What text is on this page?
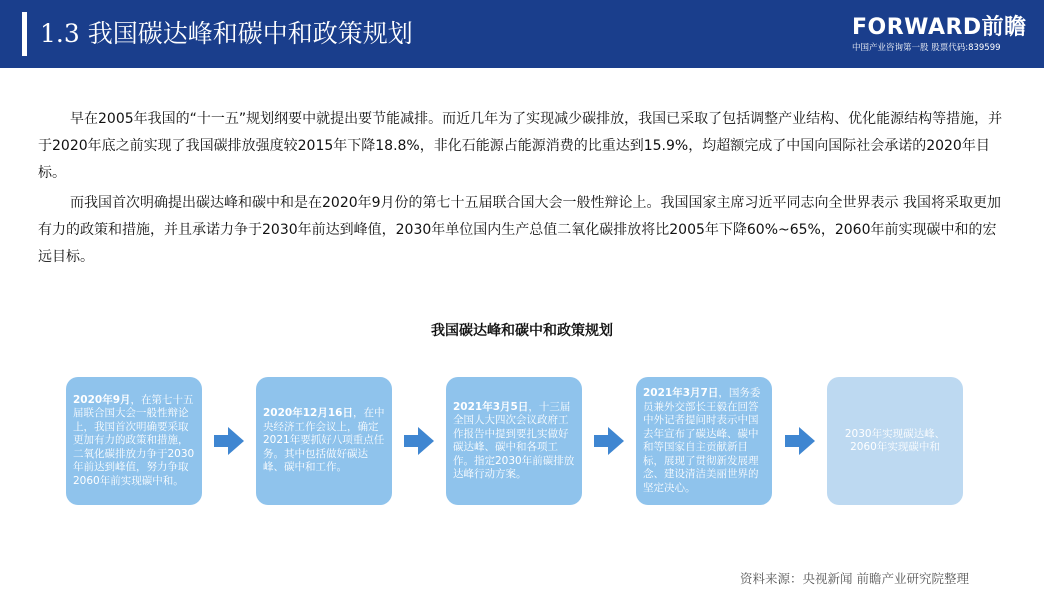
1.3 我国碳达峰和碳中和政策规划	FORWARD前瞻
中国产业咨询第一股 股票代码:839599

早在2005年我国的“十一五”规划纲要中就提出要节能减排。而近几年为了实现减少碳排放，我国已采取了包括调整产业结构、优化能源结构等措施，并于2020年底之前实现了我国碳排放强度较2015年下降18.8%，非化石能源占能源消费的比重达到15.9%，均超额完成了中国向国际社会承诺的2020年目标。

而我国首次明确提出碳达峰和碳中和是在2020年9月份的第七十五届联合国大会一般性辩论上。我国国家主席习近平同志向全世界表示 我国将采取更加有力的政策和措施，并且承诺力争于2030年前达到峰值，2030年单位国内生产总值二氧化碳排放将比2005年下降60%~65%，2060年前实现碳中和的宏远目标。

我国碳达峰和碳中和政策规划
2020年9月，在第七十五届联合国大会一般性辩论上，我国首次明确要采取更加有力的政策和措施，二氧化碳排放力争于2030年前达到峰值，努力争取2060年前实现碳中和。
2020年12月16日，在中央经济工作会议上，确定2021年要抓好八项重点任务。其中包括做好碳达峰、碳中和工作。
2021年3月5日，十三届全国人大四次会议政府工作报告中提到要扎实做好碳达峰、碳中和各项工作。指定2030年前碳排放达峰行动方案。
2021年3月7日，国务委员兼外交部长王毅在回答中外记者提问时表示中国去年宣布了碳达峰、碳中和等国家自主贡献新目标，展现了贯彻新发展理念、建设清洁美丽世界的坚定决心。
2030年实现碳达峰、2060年实现碳中和
资料来源：央视新闻 前瞻产业研究院整理
